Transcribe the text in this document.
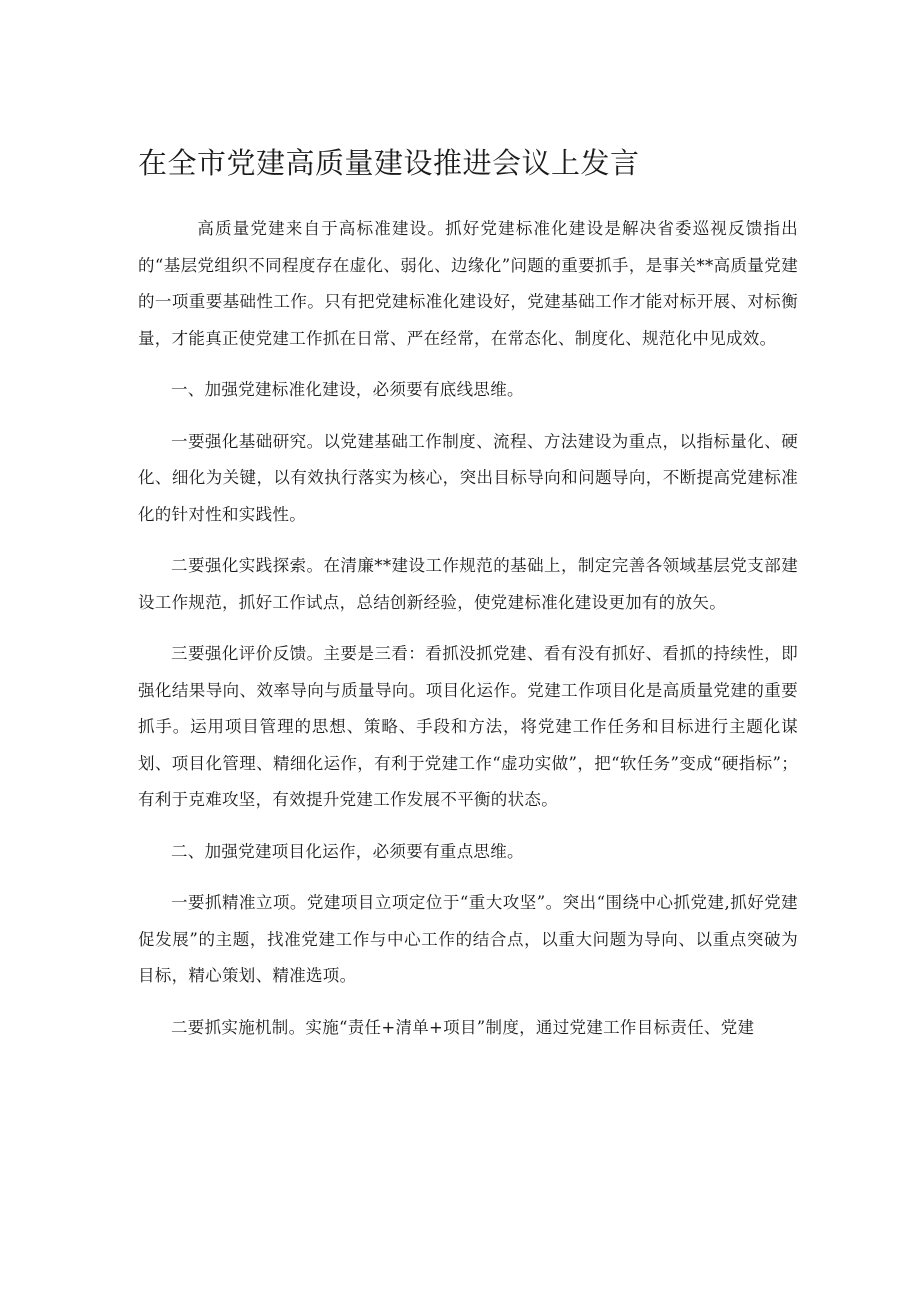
在全市党建高质量建设推进会议上发言

高质量党建来自于高标准建设。抓好党建标准化建设是解决省委巡视反馈指出的“基层党组织不同程度存在虚化、弱化、边缘化”问题的重要抓手，是事关**高质量党建的一项重要基础性工作。只有把党建标准化建设好，党建基础工作才能对标开展、对标衡量，才能真正使党建工作抓在日常、严在经常，在常态化、制度化、规范化中见成效。

一、加强党建标准化建设，必须要有底线思维。

一要强化基础研究。以党建基础工作制度、流程、方法建设为重点，以指标量化、硬化、细化为关键，以有效执行落实为核心，突出目标导向和问题导向，不断提高党建标准化的针对性和实践性。

二要强化实践探索。在清廉**建设工作规范的基础上，制定完善各领域基层党支部建设工作规范，抓好工作试点，总结创新经验，使党建标准化建设更加有的放矢。

三要强化评价反馈。主要是三看：看抓没抓党建、看有没有抓好、看抓的持续性，即强化结果导向、效率导向与质量导向。项目化运作。党建工作项目化是高质量党建的重要抓手。运用项目管理的思想、策略、手段和方法，将党建工作任务和目标进行主题化谋划、项目化管理、精细化运作，有利于党建工作“虚功实做”，把“软任务”变成“硬指标”；有利于克难攻坚，有效提升党建工作发展不平衡的状态。

二、加强党建项目化运作，必须要有重点思维。

一要抓精准立项。党建项目立项定位于“重大攻坚”。突出“围绕中心抓党建,抓好党建促发展”的主题，找准党建工作与中心工作的结合点，以重大问题为导向、以重点突破为目标，精心策划、精准选项。

二要抓实施机制。实施“责任+清单+项目”制度，通过党建工作目标责任、党建
